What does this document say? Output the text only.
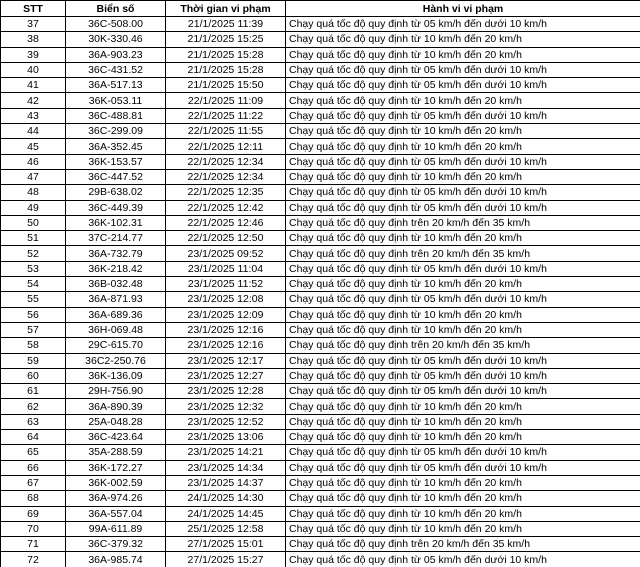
STT	Biển số	Thời gian vi phạm	Hành vi vi phạm
37	36C-508.00	21/1/2025 11:39	Chạy quá tốc độ quy định từ 05 km/h đến dưới 10 km/h
38	30K-330.46	21/1/2025 15:25	Chạy quá tốc độ quy định từ 10 km/h đến 20 km/h
39	36A-903.23	21/1/2025 15:28	Chạy quá tốc độ quy định từ 10 km/h đến 20 km/h
40	36C-431.52	21/1/2025 15:28	Chạy quá tốc độ quy định từ 05 km/h đến dưới 10 km/h
41	36A-517.13	21/1/2025 15:50	Chạy quá tốc độ quy định từ 05 km/h đến dưới 10 km/h
42	36K-053.11	22/1/2025 11:09	Chạy quá tốc độ quy định từ 10 km/h đến 20 km/h
43	36C-488.81	22/1/2025 11:22	Chạy quá tốc độ quy định từ 05 km/h đến dưới 10 km/h
44	36C-299.09	22/1/2025 11:55	Chạy quá tốc độ quy định từ 10 km/h đến 20 km/h
45	36A-352.45	22/1/2025 12:11	Chạy quá tốc độ quy định từ 10 km/h đến 20 km/h
46	36K-153.57	22/1/2025 12:34	Chạy quá tốc độ quy định từ 05 km/h đến dưới 10 km/h
47	36C-447.52	22/1/2025 12:34	Chạy quá tốc độ quy định từ 10 km/h đến 20 km/h
48	29B-638.02	22/1/2025 12:35	Chạy quá tốc độ quy định từ 05 km/h đến dưới 10 km/h
49	36C-449.39	22/1/2025 12:42	Chạy quá tốc độ quy định từ 05 km/h đến dưới 10 km/h
50	36K-102.31	22/1/2025 12:46	Chạy quá tốc độ quy định trên 20 km/h đến 35 km/h
51	37C-214.77	22/1/2025 12:50	Chạy quá tốc độ quy định từ 10 km/h đến 20 km/h
52	36A-732.79	23/1/2025 09:52	Chạy quá tốc độ quy định trên 20 km/h đến 35 km/h
53	36K-218.42	23/1/2025 11:04	Chạy quá tốc độ quy định từ 05 km/h đến dưới 10 km/h
54	36B-032.48	23/1/2025 11:52	Chạy quá tốc độ quy định từ 10 km/h đến 20 km/h
55	36A-871.93	23/1/2025 12:08	Chạy quá tốc độ quy định từ 05 km/h đến dưới 10 km/h
56	36A-689.36	23/1/2025 12:09	Chạy quá tốc độ quy định từ 10 km/h đến 20 km/h
57	36H-069.48	23/1/2025 12:16	Chạy quá tốc độ quy định từ 10 km/h đến 20 km/h
58	29C-615.70	23/1/2025 12:16	Chạy quá tốc độ quy định trên 20 km/h đến 35 km/h
59	36C2-250.76	23/1/2025 12:17	Chạy quá tốc độ quy định từ 05 km/h đến dưới 10 km/h
60	36K-136.09	23/1/2025 12:27	Chạy quá tốc độ quy định từ 05 km/h đến dưới 10 km/h
61	29H-756.90	23/1/2025 12:28	Chạy quá tốc độ quy định từ 05 km/h đến dưới 10 km/h
62	36A-890.39	23/1/2025 12:32	Chạy quá tốc độ quy định từ 10 km/h đến 20 km/h
63	25A-048.28	23/1/2025 12:52	Chạy quá tốc độ quy định từ 10 km/h đến 20 km/h
64	36C-423.64	23/1/2025 13:06	Chạy quá tốc độ quy định từ 10 km/h đến 20 km/h
65	35A-288.59	23/1/2025 14:21	Chạy quá tốc độ quy định từ 05 km/h đến dưới 10 km/h
66	36K-172.27	23/1/2025 14:34	Chạy quá tốc độ quy định từ 05 km/h đến dưới 10 km/h
67	36K-002.59	23/1/2025 14:37	Chạy quá tốc độ quy định từ 10 km/h đến 20 km/h
68	36A-974.26	24/1/2025 14:30	Chạy quá tốc độ quy định từ 10 km/h đến 20 km/h
69	36A-557.04	24/1/2025 14:45	Chạy quá tốc độ quy định từ 10 km/h đến 20 km/h
70	99A-611.89	25/1/2025 12:58	Chạy quá tốc độ quy định từ 10 km/h đến 20 km/h
71	36C-379.32	27/1/2025 15:01	Chạy quá tốc độ quy định trên 20 km/h đến 35 km/h
72	36A-985.74	27/1/2025 15:27	Chạy quá tốc độ quy định từ 05 km/h đến dưới 10 km/h
